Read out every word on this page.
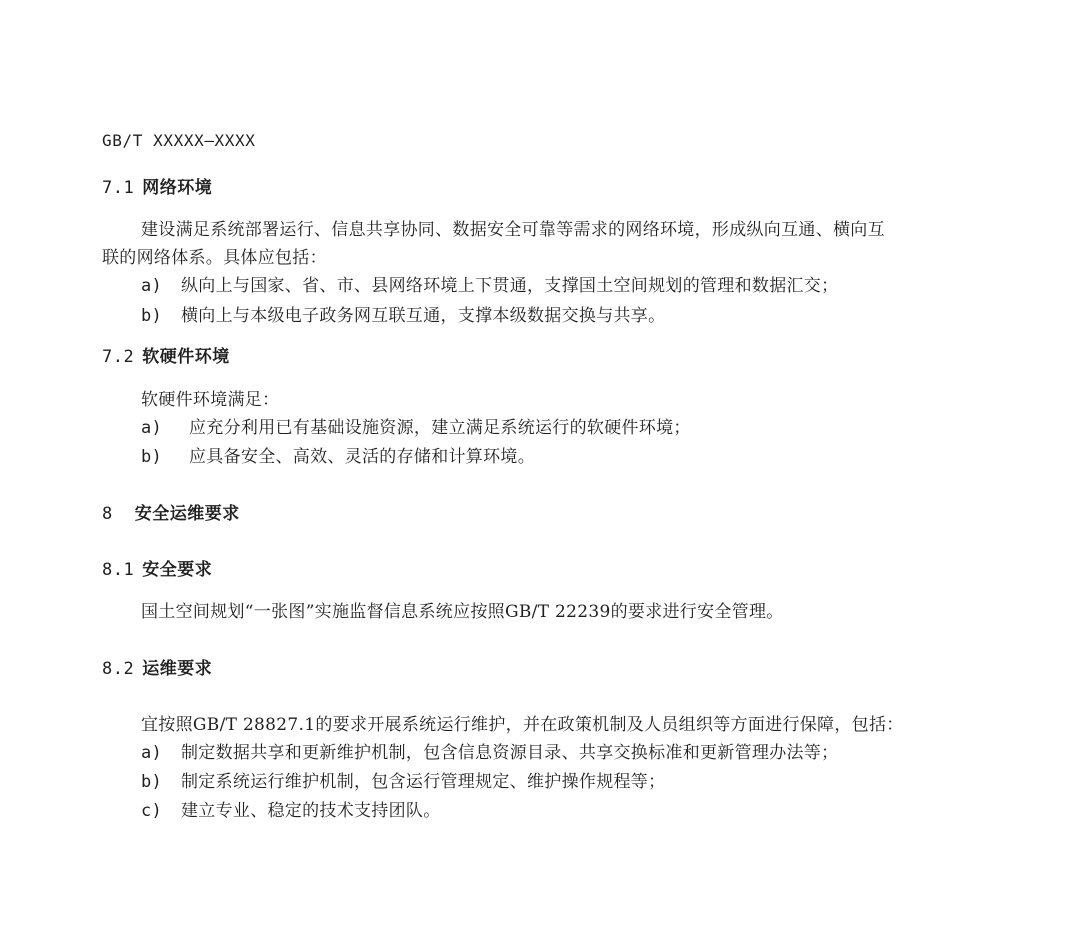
GB/T XXXXX—XXXX
7.1 网络环境
建设满足系统部署运行、信息共享协同、数据安全可靠等需求的网络环境，形成纵向互通、横向互
联的网络体系。具体应包括：
a) 纵向上与国家、省、市、县网络环境上下贯通，支撑国土空间规划的管理和数据汇交；
b) 横向上与本级电子政务网互联互通，支撑本级数据交换与共享。
7.2 软硬件环境
软硬件环境满足：
a) 应充分利用已有基础设施资源，建立满足系统运行的软硬件环境；
b) 应具备安全、高效、灵活的存储和计算环境。
8 安全运维要求
8.1 安全要求
国土空间规划“一张图”实施监督信息系统应按照GB/T 22239的要求进行安全管理。
8.2 运维要求
宜按照GB/T 28827.1的要求开展系统运行维护，并在政策机制及人员组织等方面进行保障，包括：
a) 制定数据共享和更新维护机制，包含信息资源目录、共享交换标准和更新管理办法等；
b) 制定系统运行维护机制，包含运行管理规定、维护操作规程等；
c) 建立专业、稳定的技术支持团队。
